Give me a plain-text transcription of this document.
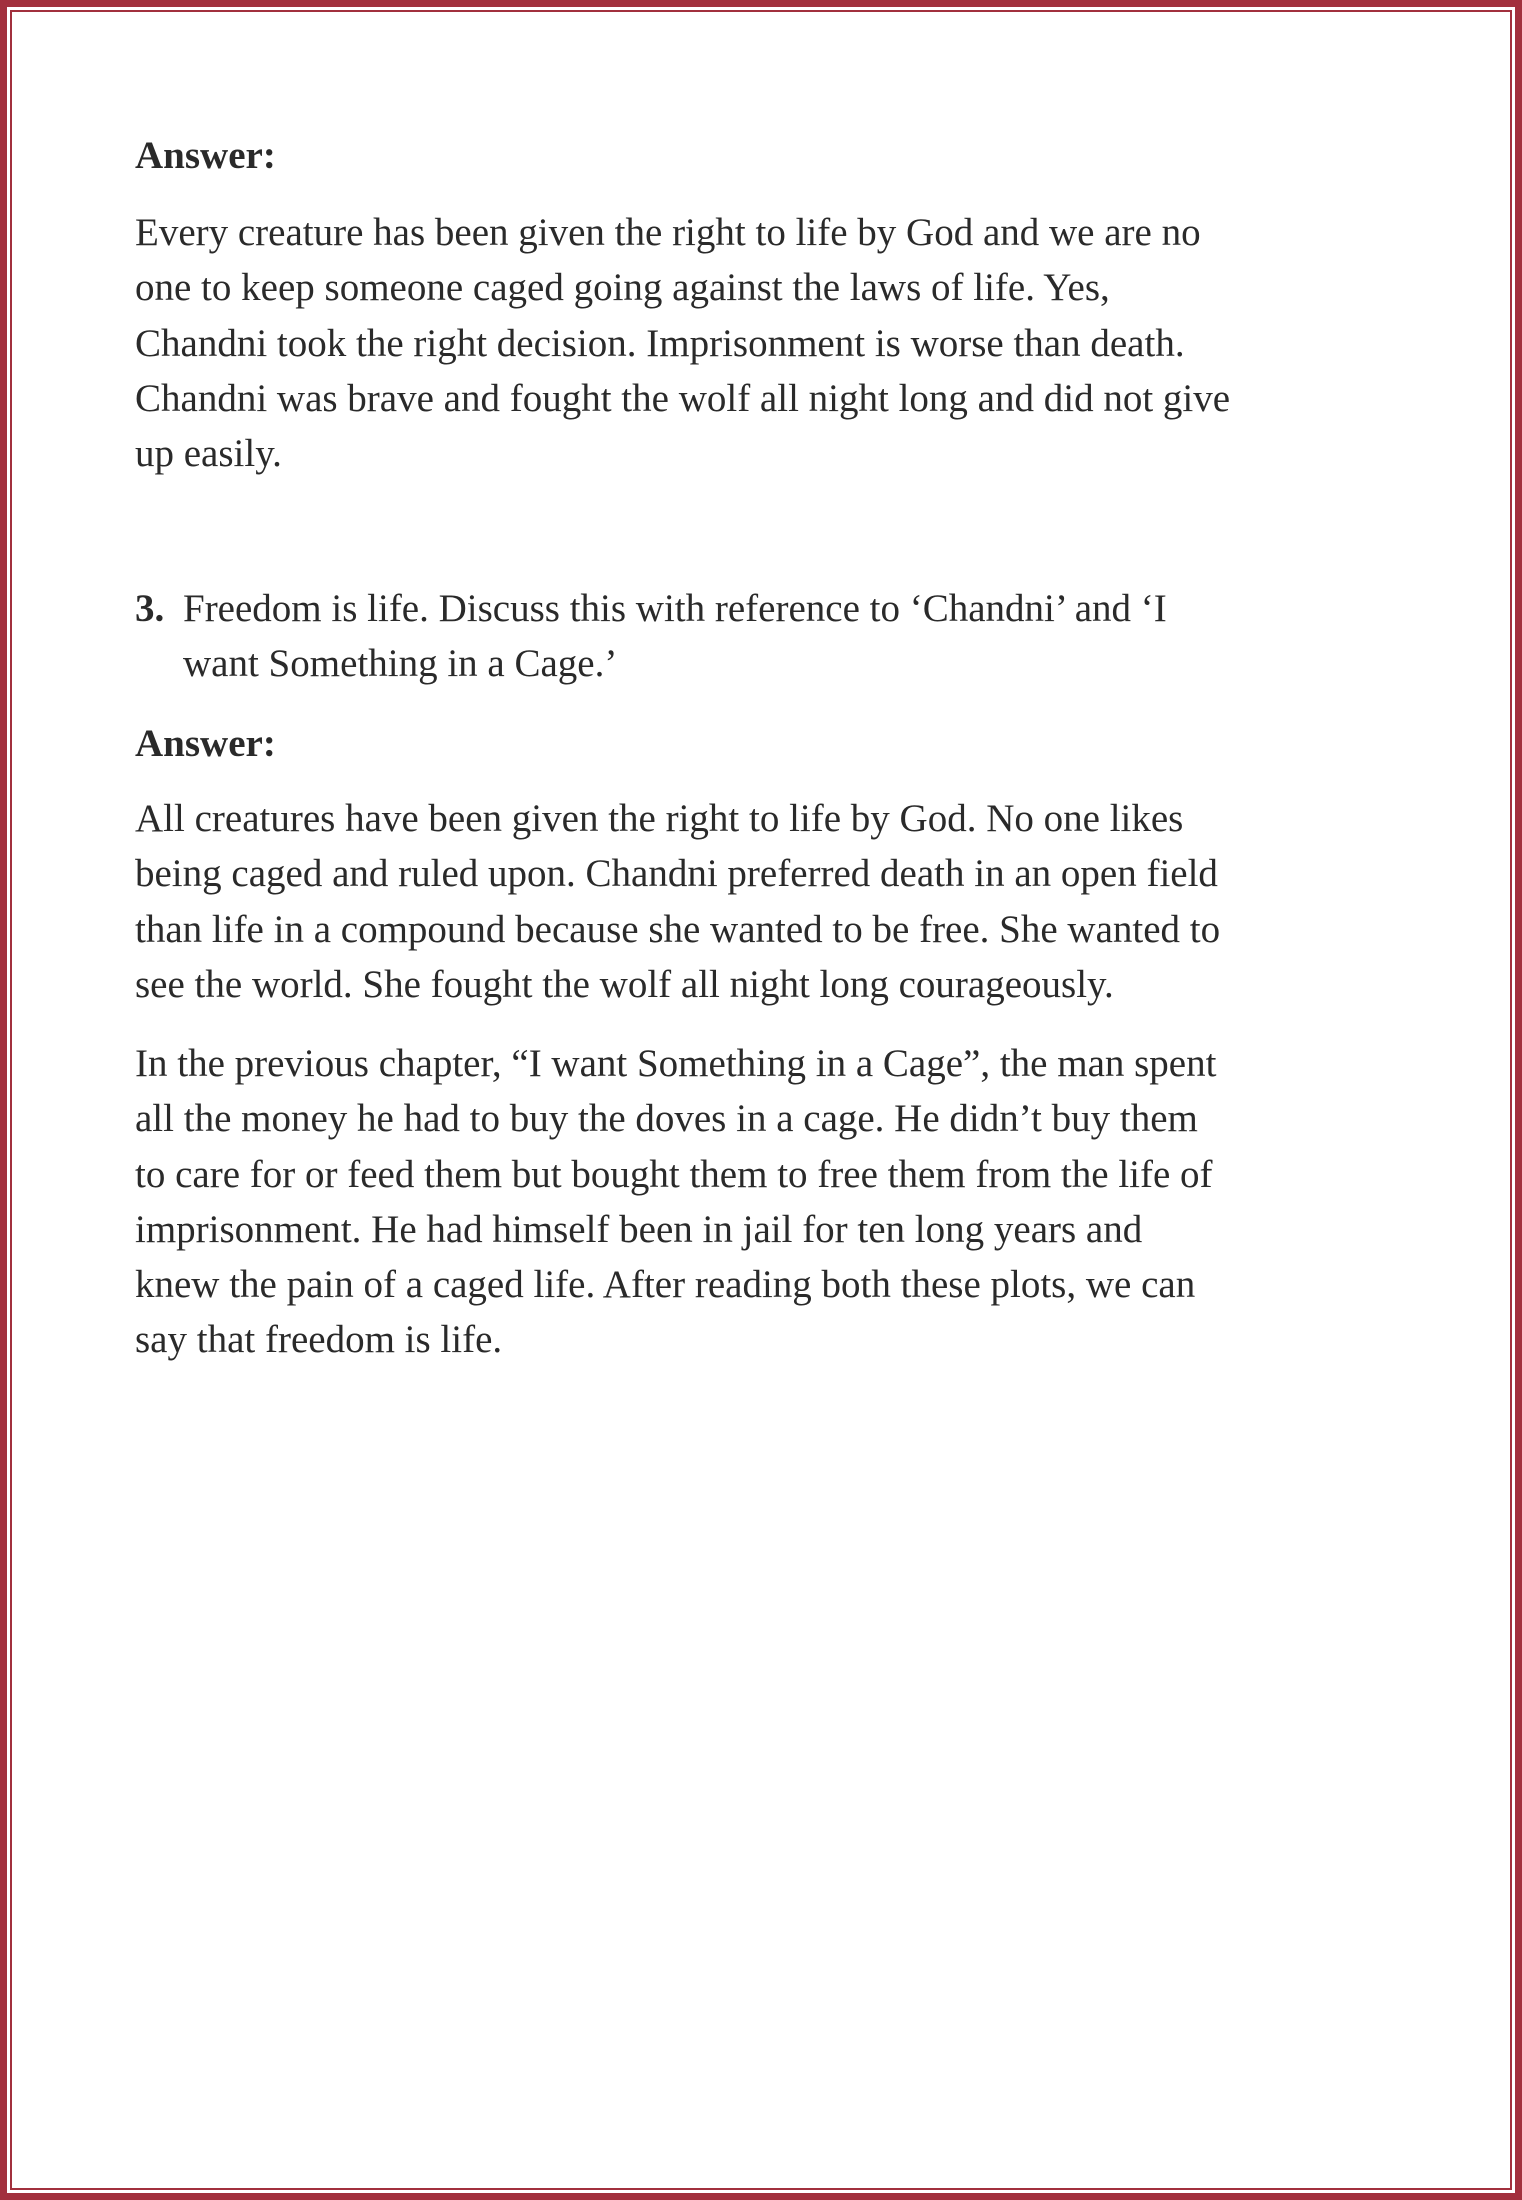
Answer:
Every creature has been given the right to life by God and we are no
one to keep someone caged going against the laws of life. Yes,
Chandni took the right decision. Imprisonment is worse than death.
Chandni was brave and fought the wolf all night long and did not give
up easily.
3. Freedom is life. Discuss this with reference to ‘Chandni’ and ‘I
want Something in a Cage.’
Answer:
All creatures have been given the right to life by God. No one likes
being caged and ruled upon. Chandni preferred death in an open field
than life in a compound because she wanted to be free. She wanted to
see the world. She fought the wolf all night long courageously.
In the previous chapter, “I want Something in a Cage”, the man spent
all the money he had to buy the doves in a cage. He didn’t buy them
to care for or feed them but bought them to free them from the life of
imprisonment. He had himself been in jail for ten long years and
knew the pain of a caged life. After reading both these plots, we can
say that freedom is life.
